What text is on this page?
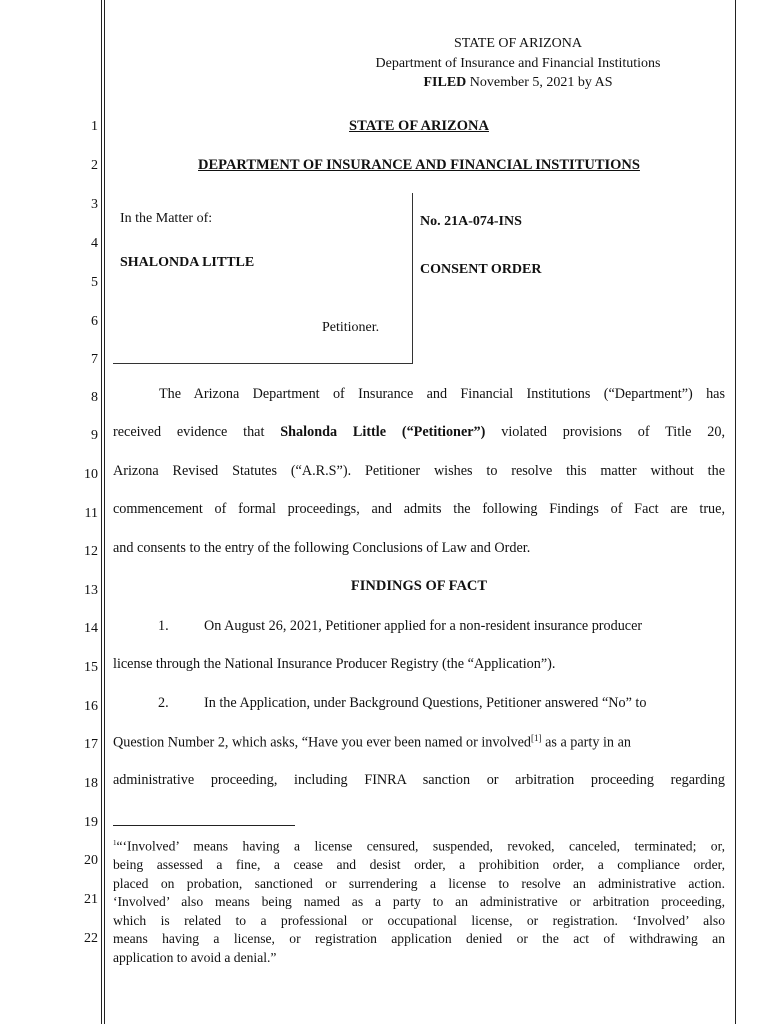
STATE OF ARIZONA
Department of Insurance and Financial Institutions
FILED November 5, 2021 by AS
1
2
3
4
5
6
7
8
9
10
11
12
13
14
15
16
17
18
19
20
21
22
STATE OF ARIZONA
DEPARTMENT OF INSURANCE AND FINANCIAL INSTITUTIONS
In the Matter of:
SHALONDA LITTLE
Petitioner.
No. 21A-074-INS
CONSENT ORDER
The Arizona Department of Insurance and Financial Institutions (“Department”) has
received evidence that Shalonda Little (“Petitioner”) violated provisions of Title 20,
Arizona Revised Statutes (“A.R.S”). Petitioner wishes to resolve this matter without the
commencement of formal proceedings, and admits the following Findings of Fact are true,
and consents to the entry of the following Conclusions of Law and Order.
FINDINGS OF FACT
1. On August 26, 2021, Petitioner applied for a non-resident insurance producer
license through the National Insurance Producer Registry (the “Application”).
2. In the Application, under Background Questions, Petitioner answered “No” to
Question Number 2, which asks, “Have you ever been named or involved[1] as a party in an
administrative proceeding, including FINRA sanction or arbitration proceeding regarding
$^1$“‘Involved’ means having a license censured, suspended, revoked, canceled, terminated; or,
being assessed a fine, a cease and desist order, a prohibition order, a compliance order,
placed on probation, sanctioned or surrendering a license to resolve an administrative action.
‘Involved’ also means being named as a party to an administrative or arbitration proceeding,
which is related to a professional or occupational license, or registration. ‘Involved’ also
means having a license, or registration application denied or the act of withdrawing an
application to avoid a denial.”
